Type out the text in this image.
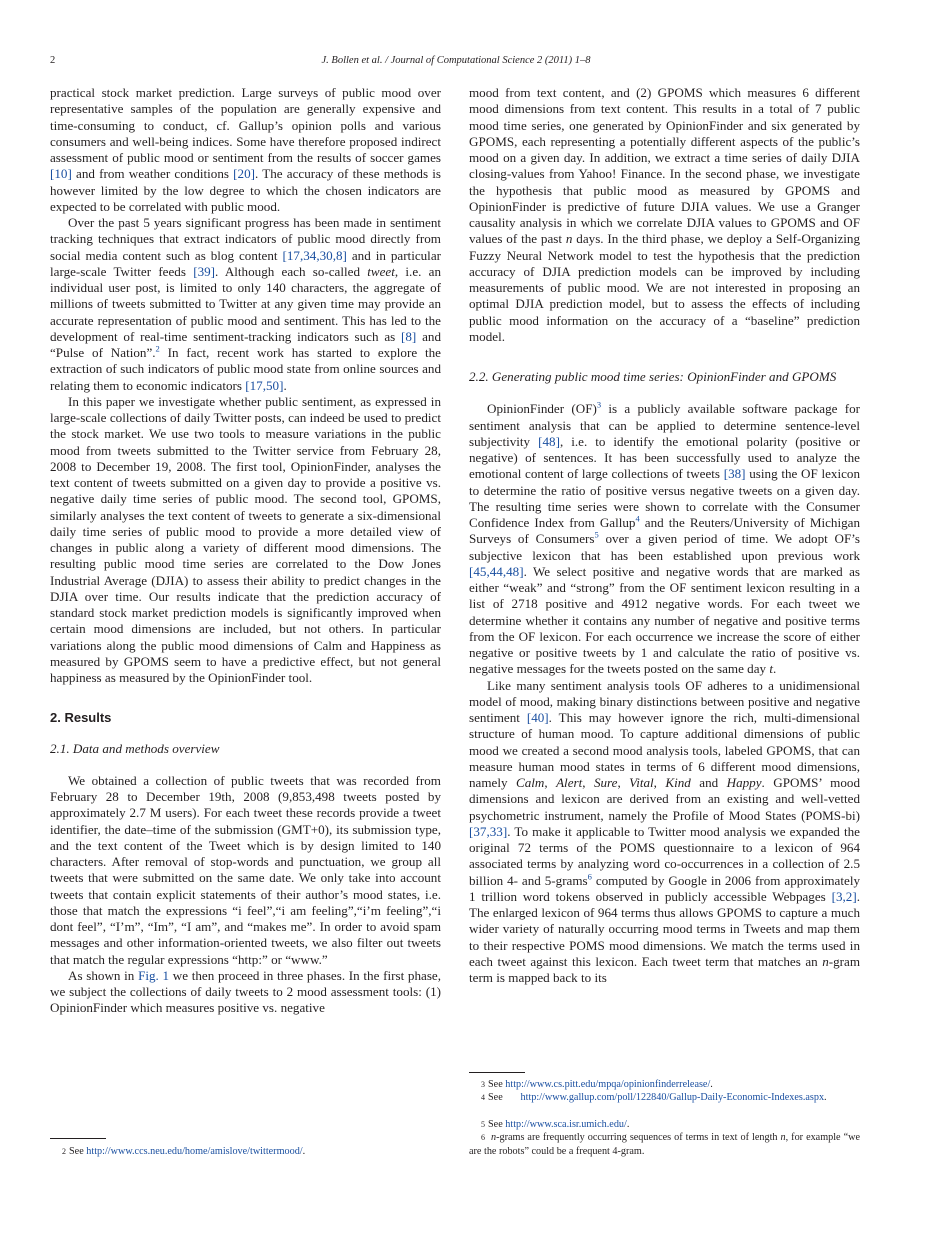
2	J. Bollen et al. / Journal of Computational Science 2 (2011) 1–8

practical stock market prediction. Large surveys of public mood over representative samples of the population are generally expensive and time-consuming to conduct, cf. Gallup’s opinion polls and various consumers and well-being indices. Some have therefore proposed indirect assessment of public mood or sentiment from the results of soccer games [10] and from weather conditions [20]. The accuracy of these methods is however limited by the low degree to which the chosen indicators are expected to be correlated with public mood.

Over the past 5 years significant progress has been made in sentiment tracking techniques that extract indicators of public mood directly from social media content such as blog content [17,34,30,8] and in particular large-scale Twitter feeds [39]. Although each so-called tweet, i.e. an individual user post, is limited to only 140 characters, the aggregate of millions of tweets submitted to Twitter at any given time may provide an accurate representation of public mood and sentiment. This has led to the development of real-time sentiment-tracking indicators such as [8] and “Pulse of Nation”.$^2$ In fact, recent work has started to explore the extraction of such indicators of public mood state from online sources and relating them to economic indicators [17,50].

In this paper we investigate whether public sentiment, as expressed in large-scale collections of daily Twitter posts, can indeed be used to predict the stock market. We use two tools to measure variations in the public mood from tweets submitted to the Twitter service from February 28, 2008 to December 19, 2008. The first tool, OpinionFinder, analyses the text content of tweets submitted on a given day to provide a positive vs. negative daily time series of public mood. The second tool, GPOMS, similarly analyses the text content of tweets to generate a six-dimensional daily time series of public mood to provide a more detailed view of changes in public along a variety of different mood dimensions. The resulting public mood time series are correlated to the Dow Jones Industrial Average (DJIA) to assess their ability to predict changes in the DJIA over time. Our results indicate that the prediction accuracy of standard stock market prediction models is significantly improved when certain mood dimensions are included, but not others. In particular variations along the public mood dimensions of Calm and Happiness as measured by GPOMS seem to have a predictive effect, but not general happiness as measured by the OpinionFinder tool.

2. Results
2.1. Data and methods overview

We obtained a collection of public tweets that was recorded from February 28 to December 19th, 2008 (9,853,498 tweets posted by approximately 2.7 M users). For each tweet these records provide a tweet identifier, the date–time of the submission (GMT+0), its submission type, and the text content of the Tweet which is by design limited to 140 characters. After removal of stop-words and punctuation, we group all tweets that were submitted on the same date. We only take into account tweets that contain explicit statements of their author’s mood states, i.e. those that match the expressions “i feel”,“i am feeling”,“i’m feeling”,“i dont feel”, “I’m”, “Im”, “I am”, and “makes me”. In order to avoid spam messages and other information-oriented tweets, we also filter out tweets that match the regular expressions “http:” or “www.”

As shown in Fig. 1 we then proceed in three phases. In the first phase, we subject the collections of daily tweets to 2 mood assessment tools: (1) OpinionFinder which measures positive vs. negative

mood from text content, and (2) GPOMS which measures 6 different mood dimensions from text content. This results in a total of 7 public mood time series, one generated by OpinionFinder and six generated by GPOMS, each representing a potentially different aspects of the public’s mood on a given day. In addition, we extract a time series of daily DJIA closing-values from Yahoo! Finance. In the second phase, we investigate the hypothesis that public mood as measured by GPOMS and OpinionFinder is predictive of future DJIA values. We use a Granger causality analysis in which we correlate DJIA values to GPOMS and OF values of the past n days. In the third phase, we deploy a Self-Organizing Fuzzy Neural Network model to test the hypothesis that the prediction accuracy of DJIA prediction models can be improved by including measurements of public mood. We are not interested in proposing an optimal DJIA prediction model, but to assess the effects of including public mood information on the accuracy of a “baseline” prediction model.

2.2. Generating public mood time series: OpinionFinder and GPOMS

OpinionFinder (OF)$^3$ is a publicly available software package for sentiment analysis that can be applied to determine sentence-level subjectivity [48], i.e. to identify the emotional polarity (positive or negative) of sentences. It has been successfully used to analyze the emotional content of large collections of tweets [38] using the OF lexicon to determine the ratio of positive versus negative tweets on a given day. The resulting time series were shown to correlate with the Consumer Confidence Index from Gallup$^4$ and the Reuters/University of Michigan Surveys of Consumers$^5$ over a given period of time. We adopt OF’s subjective lexicon that has been established upon previous work [45,44,48]. We select positive and negative words that are marked as either “weak” and “strong” from the OF sentiment lexicon resulting in a list of 2718 positive and 4912 negative words. For each tweet we determine whether it contains any number of negative and positive terms from the OF lexicon. For each occurrence we increase the score of either negative or positive tweets by 1 and calculate the ratio of positive vs. negative messages for the tweets posted on the same day t.

Like many sentiment analysis tools OF adheres to a unidimensional model of mood, making binary distinctions between positive and negative sentiment [40]. This may however ignore the rich, multi-dimensional structure of human mood. To capture additional dimensions of public mood we created a second mood analysis tools, labeled GPOMS, that can measure human mood states in terms of 6 different mood dimensions, namely Calm, Alert, Sure, Vital, Kind and Happy. GPOMS’ mood dimensions and lexicon are derived from an existing and well-vetted psychometric instrument, namely the Profile of Mood States (POMS-bi) [37,33]. To make it applicable to Twitter mood analysis we expanded the original 72 terms of the POMS questionnaire to a lexicon of 964 associated terms by analyzing word co-occurrences in a collection of 2.5 billion 4- and 5-grams$^6$ computed by Google in 2006 from approximately 1 trillion word tokens observed in publicly accessible Webpages [3,2]. The enlarged lexicon of 964 terms thus allows GPOMS to capture a much wider variety of naturally occurring mood terms in Tweets and map them to their respective POMS mood dimensions. We match the terms used in each tweet against this lexicon. Each tweet term that matches an n-gram term is mapped back to its

2 See http://www.ccs.neu.edu/home/amislove/twittermood/.
3 See http://www.cs.pitt.edu/mpqa/opinionfinderrelease/.
4 See http://www.gallup.com/poll/122840/Gallup-Daily-Economic-Indexes.aspx.
5 See http://www.sca.isr.umich.edu/.
6 n-grams are frequently occurring sequences of terms in text of length n, for example “we are the robots” could be a frequent 4-gram.
